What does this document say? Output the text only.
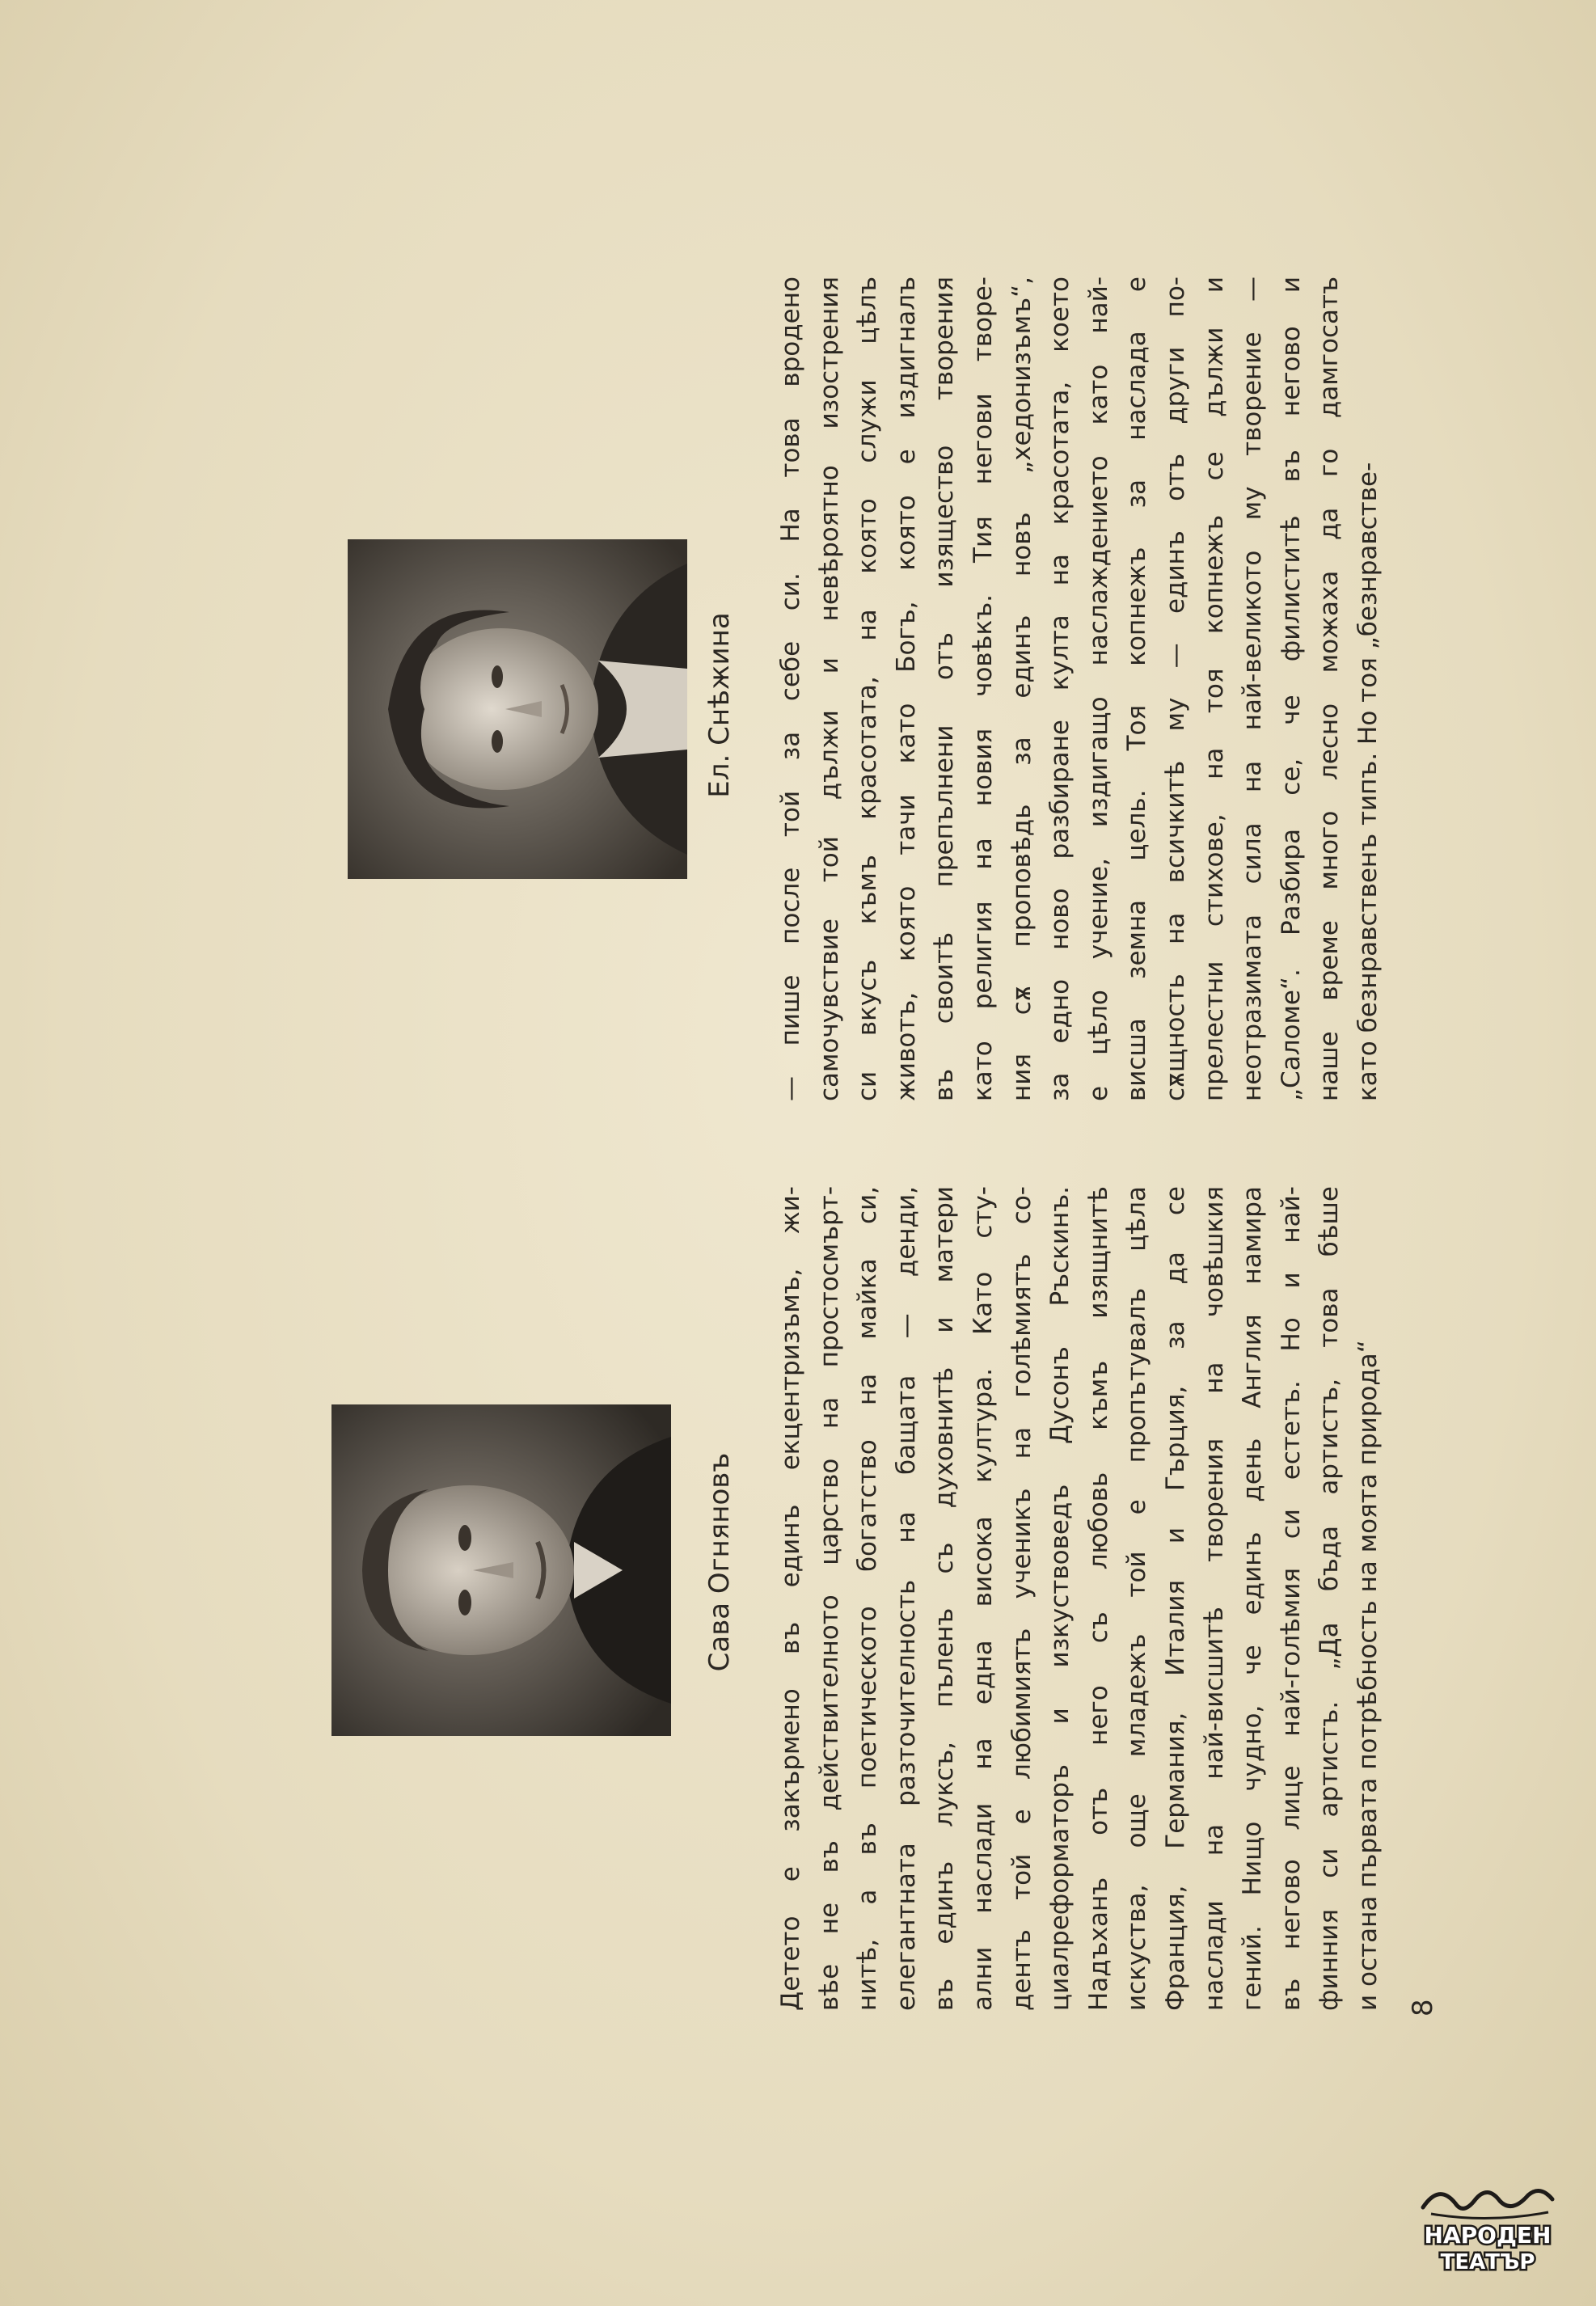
Сава Огняновъ
Ел. Снѣжина
Детето е закърмено въ единъ екцентризъмъ, жи- вѣе не въ действителното царство на простосмърт- нитѣ, а въ поетическото богатство на майка си, елегантната разточителность на бащата — денди, въ единъ луксъ, пъленъ съ духовнитѣ и матери ални наслади на една висока култура. Като сту- дентъ той е любимиятъ ученикъ на голѣмиятъ со- циалреформаторъ и изкуствоведъ Дусонъ Ръскинъ. Надъханъ отъ него съ любовь къмъ изящнитѣ искуства, още младежъ той е пропътувалъ цѣла Франция, Германия, Италия и Гърция, за да се наслади на най-висшитѣ творения на човѣшкия гений. Нищо чудно, че единъ день Англия намира въ негово лице най-голѣмия си естетъ. Но и най- финния си артистъ. „Да бъда артистъ, това бѣше и остана първата потрѣбность на моята природа“
— пише после той за себе си. На това вродено самочувствие той дължи и невѣроятно изострения си вкусъ къмъ красотата, на която служи цѣлъ животъ, която тачи като Богъ, която е издигналъ въ своитѣ препълнени отъ изящество творения като религия на новия човѣкъ. Тия негови творе- ния сѫ проповѣдь за единъ новъ „хедонизъмъ“, за едно ново разбиране култа на красотата, което е цѣло учение, издигащо наслаждението като най- висша земна цель. Тоя копнежъ за наслада е сѫщность на всичкитѣ му — единъ отъ други по- прелестни стихове, на тоя копнежъ се дължи и неотразимата сила на най-великото му творение — „Саломе“. Разбира се, че филиститѣ въ негово и наше време много лесно можаха да го дамгосатъ като безнравственъ типъ. Но тоя „безнравстве-
8
НАРОДЕН
ТЕАТЪР
